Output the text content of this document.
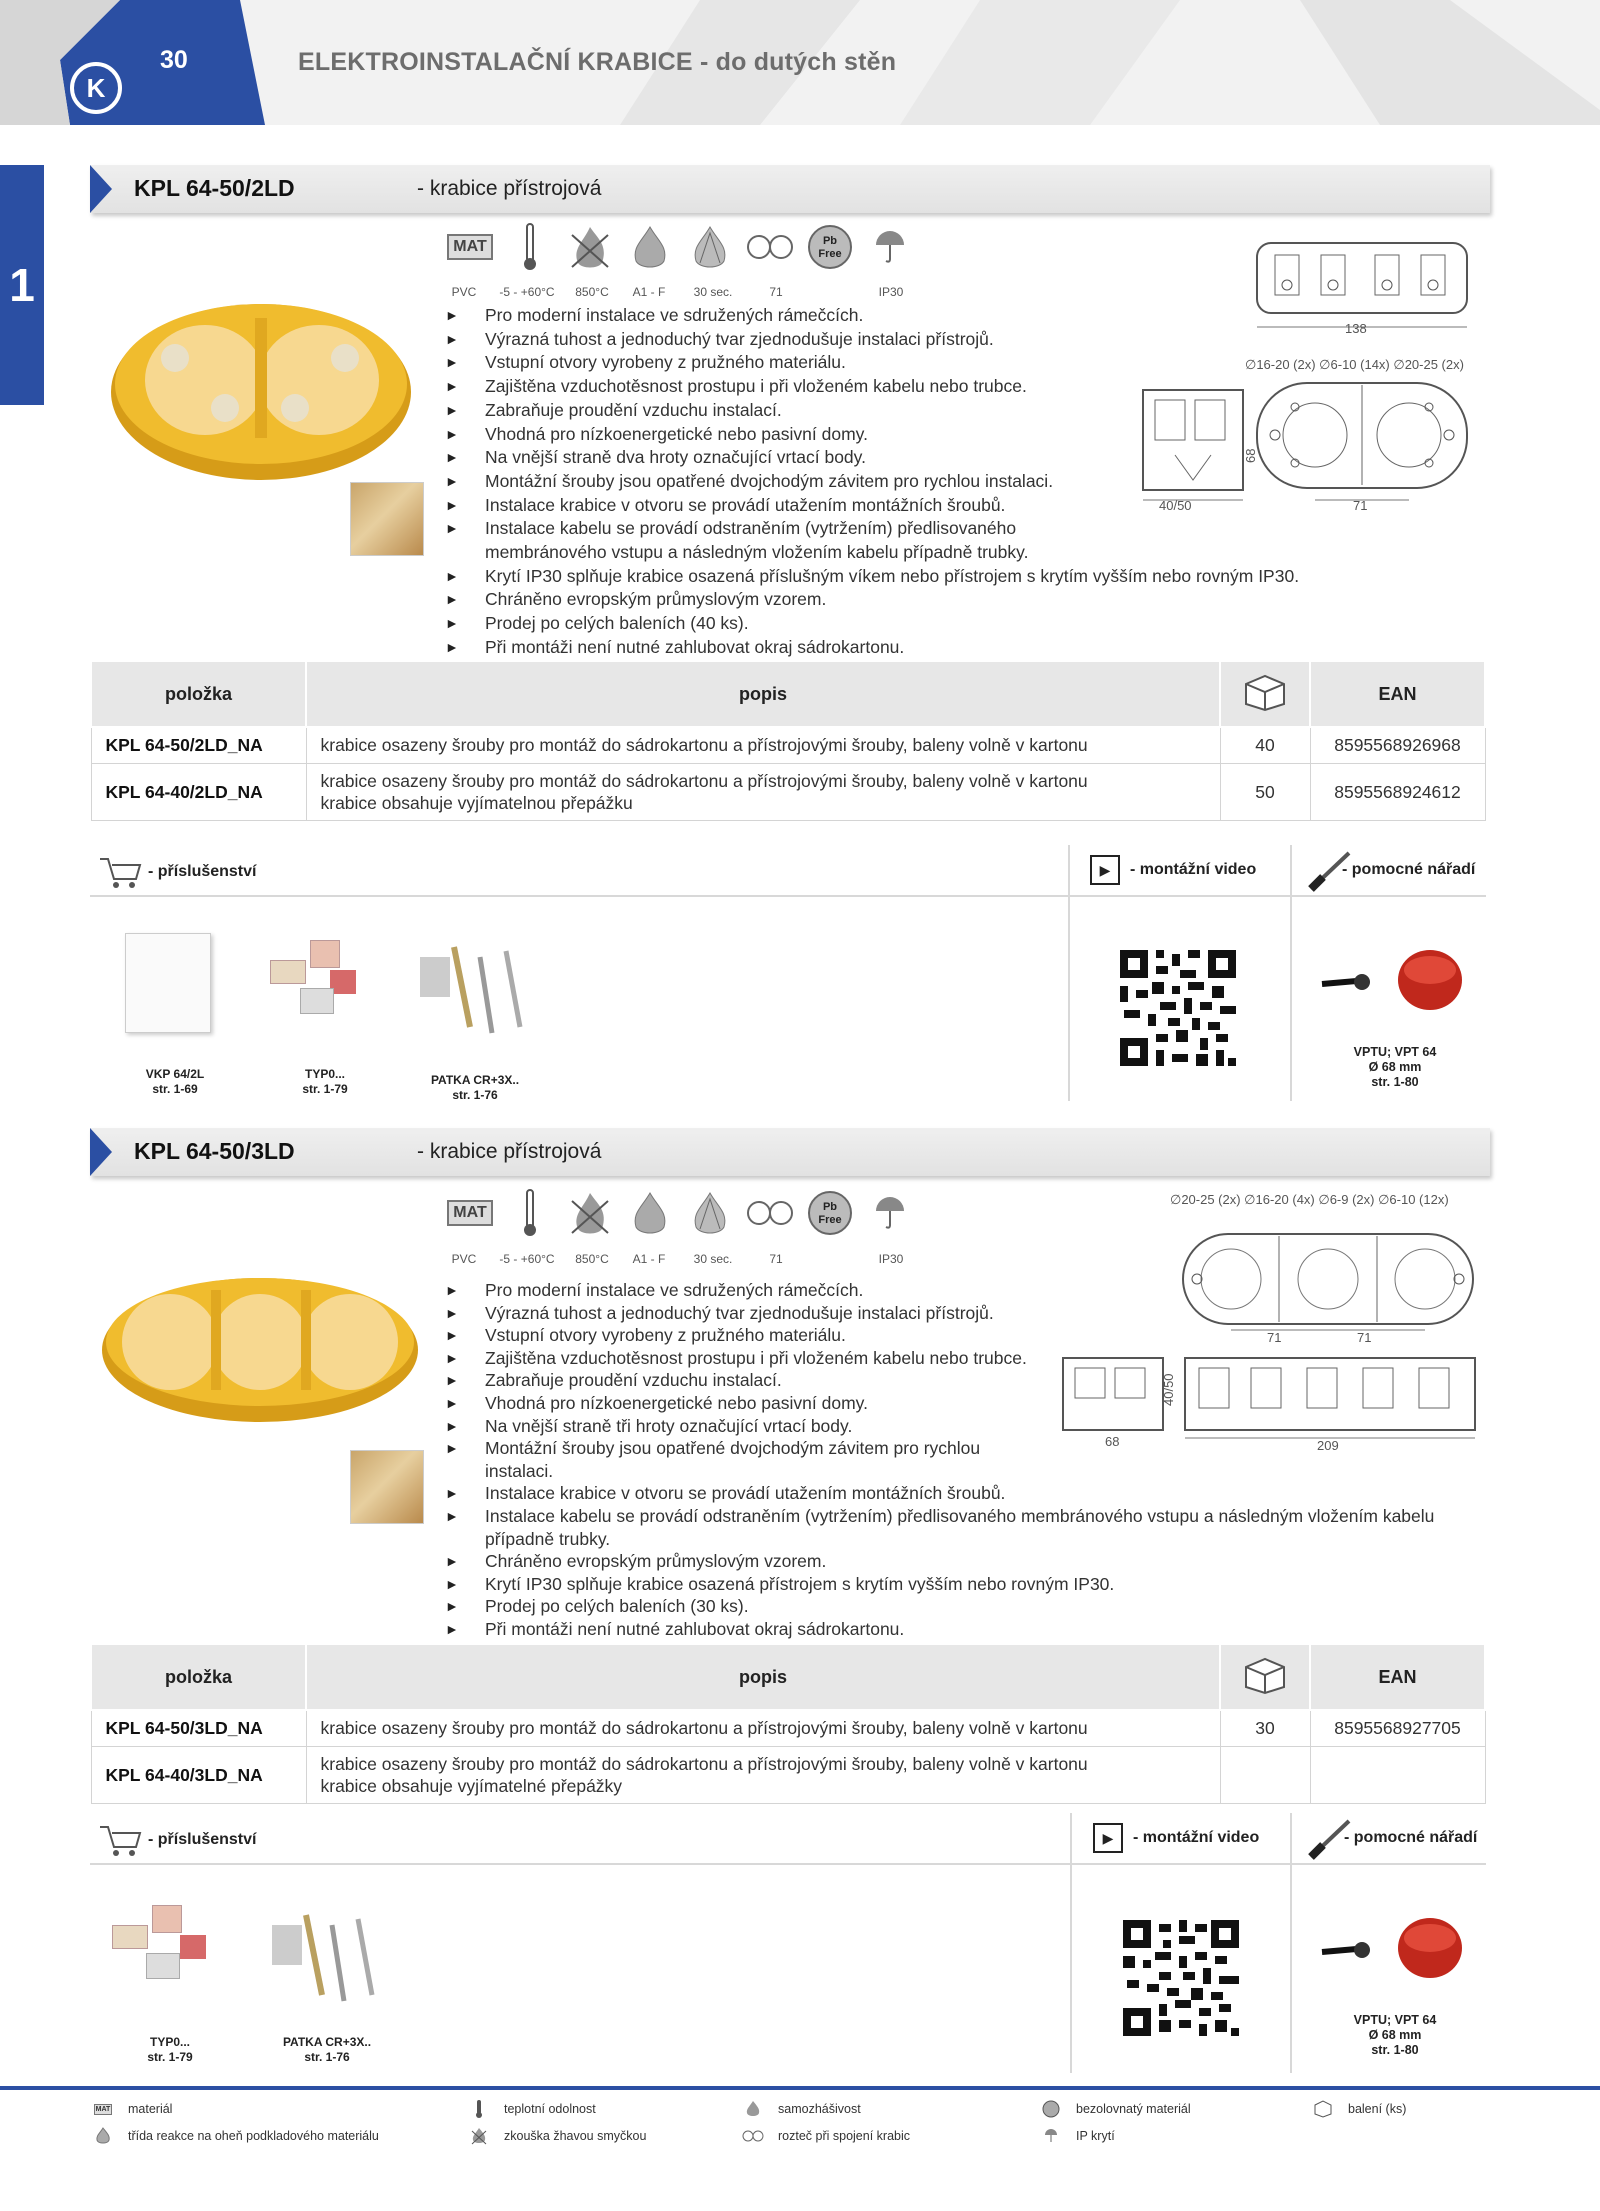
K
30	ELEKTROINSTALAČNÍ KRABICE - do dutých stěn
1
KPL 64-50/2LD	- krabice přístrojová
MAT	Pb Free
PVC	-5 - +60°C	850°C	A1 - F	30 sec.	71	IP30
► Pro moderní instalace ve sdružených rámečcích.
► Výrazná tuhost a jednoduchý tvar zjednodušuje instalaci přístrojů.
► Vstupní otvory vyrobeny z pružného materiálu.
► Zajištěna vzduchotěsnost prostupu i při vloženém kabelu nebo trubce.
► Zabraňuje proudění vzduchu instalací.
► Vhodná pro nízkoenergetické nebo pasivní domy.
► Na vnější straně dva hroty označující vrtací body.
► Montážní šrouby jsou opatřené dvojchodým závitem pro rychlou instalaci.
► Instalace krabice v otvoru se provádí utažením montážních šroubů.
► Instalace kabelu se provádí odstraněním (vytržením) předlisovaného membránového vstupu a následným vložením kabelu případně trubky.
► Krytí IP30 splňuje krabice osazená příslušným víkem nebo přístrojem s krytím vyšším nebo rovným IP30.
► Chráněno evropským průmyslovým vzorem.
► Prodej po celých baleních (40 ks).
► Při montáži není nutné zahlubovat okraj sádrokartonu.
138
∅16-20 (2x) ∅6-10 (14x) ∅20-25 (2x)
68
40/50	71
položka	popis		EAN
KPL 64-50/2LD_NA	krabice osazeny šrouby pro montáž do sádrokartonu a přístrojovými šrouby, baleny volně v kartonu	40	8595568926968
KPL 64-40/2LD_NA	krabice osazeny šrouby pro montáž do sádrokartonu a přístrojovými šrouby, baleny volně v kartonu krabice obsahuje vyjímatelnou přepážku	50	8595568924612
- příslušenství	▶	- montážní video	- pomocné nářadí
VKP 64/2L
str. 1-69
TYP0...
str. 1-79
PATKA CR+3X..
str. 1-76
VPTU; VPT 64
Ø 68 mm
str. 1-80
KPL 64-50/3LD	- krabice přístrojová
MAT	Pb Free
PVC	-5 - +60°C	850°C	A1 - F	30 sec.	71	IP30
► Pro moderní instalace ve sdružených rámečcích.
► Výrazná tuhost a jednoduchý tvar zjednodušuje instalaci přístrojů.
► Vstupní otvory vyrobeny z pružného materiálu.
► Zajištěna vzduchotěsnost prostupu i při vloženém kabelu nebo trubce.
► Zabraňuje proudění vzduchu instalací.
► Vhodná pro nízkoenergetické nebo pasivní domy.
► Na vnější straně tři hroty označující vrtací body.
► Montážní šrouby jsou opatřené dvojchodým závitem pro rychlou instalaci.
► Instalace krabice v otvoru se provádí utažením montážních šroubů.
► Instalace kabelu se provádí odstraněním (vytržením) předlisovaného membránového vstupu a následným vložením kabelu případně trubky.
► Chráněno evropským průmyslovým vzorem.
► Krytí IP30 splňuje krabice osazená přístrojem s krytím vyšším nebo rovným IP30.
► Prodej po celých baleních (30 ks).
► Při montáži není nutné zahlubovat okraj sádrokartonu.
∅20-25 (2x) ∅16-20 (4x) ∅6-9 (2x) ∅6-10 (12x)
71	71
40/50
68	209
položka	popis		EAN
KPL 64-50/3LD_NA	krabice osazeny šrouby pro montáž do sádrokartonu a přístrojovými šrouby, baleny volně v kartonu	30	8595568927705
KPL 64-40/3LD_NA	krabice osazeny šrouby pro montáž do sádrokartonu a přístrojovými šrouby, baleny volně v kartonu krabice obsahuje vyjímatelné přepážky		
- příslušenství	▶	- montážní video	- pomocné nářadí
TYP0...
str. 1-79
PATKA CR+3X..
str. 1-76
VPTU; VPT 64
Ø 68 mm
str. 1-80
MAT materiál	teplotní odolnost	samozhášivost	bezolovnatý materiál	balení (ks)
třída reakce na oheň podkladového materiálu	zkouška žhavou smyčkou	rozteč při spojení krabic	IP krytí
